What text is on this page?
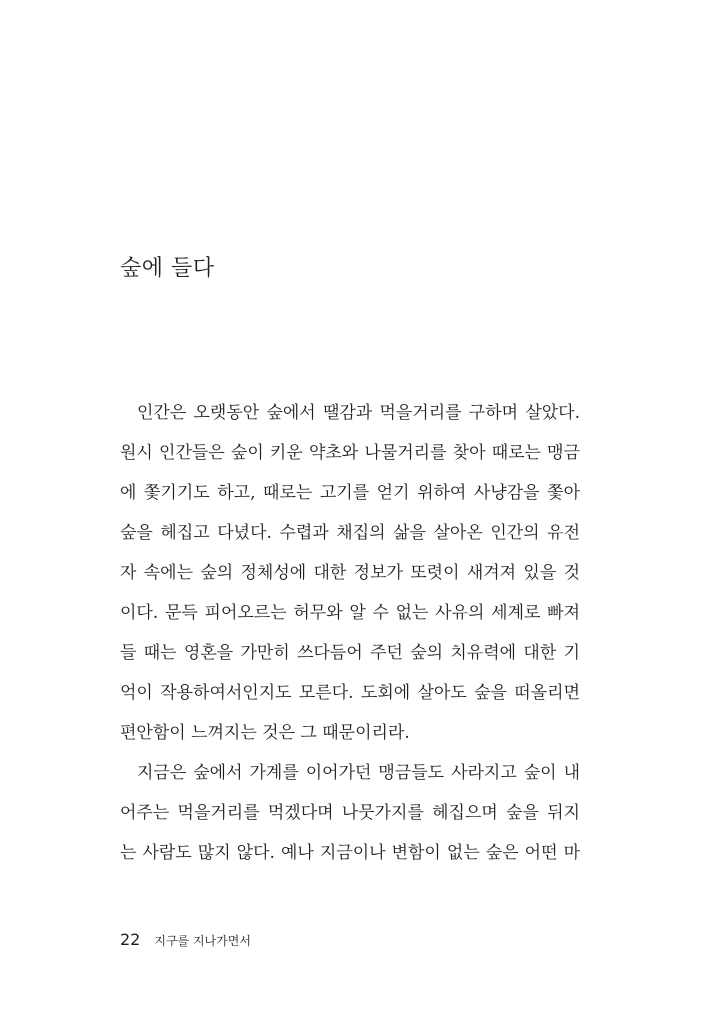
숲에 들다
인간은 오랫동안 숲에서 땔감과 먹을거리를 구하며 살았다.
원시 인간들은 숲이 키운 약초와 나물거리를 찾아 때로는 맹금
에 쫓기기도 하고, 때로는 고기를 얻기 위하여 사냥감을 쫓아
숲을 헤집고 다녔다. 수렵과 채집의 삶을 살아온 인간의 유전
자 속에는 숲의 정체성에 대한 정보가 또렷이 새겨져 있을 것
이다. 문득 피어오르는 허무와 알 수 없는 사유의 세계로 빠져
들 때는 영혼을 가만히 쓰다듬어 주던 숲의 치유력에 대한 기
억이 작용하여서인지도 모른다. 도회에 살아도 숲을 떠올리면
편안함이 느껴지는 것은 그 때문이리라.
지금은 숲에서 가계를 이어가던 맹금들도 사라지고 숲이 내
어주는 먹을거리를 먹겠다며 나뭇가지를 헤집으며 숲을 뒤지
는 사람도 많지 않다. 예나 지금이나 변함이 없는 숲은 어떤 마
22 지구를 지나가면서
